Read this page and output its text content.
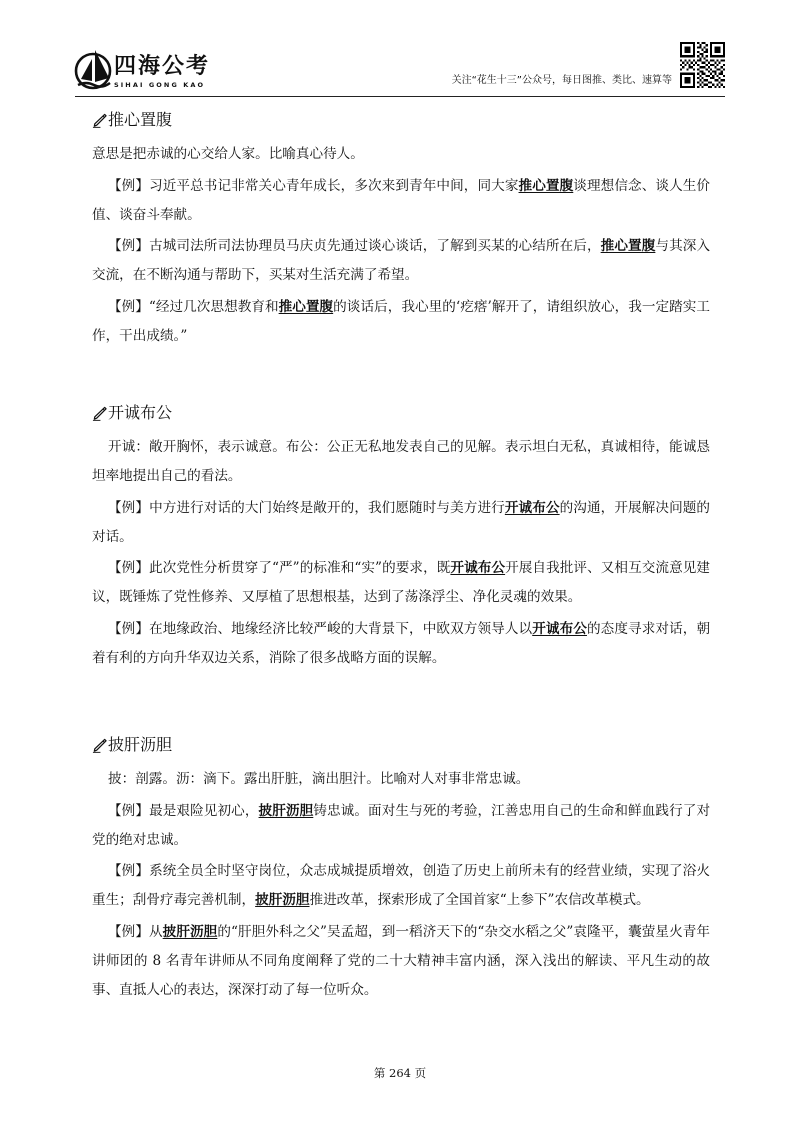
四海公考
SIHAI GONG KAO	关注“花生十三”公众号，每日图推、类比、速算等
推心置腹

意思是把赤诚的心交给人家。比喻真心待人。

【例】习近平总书记非常关心青年成长，多次来到青年中间，同大家推心置腹谈理想信念、谈人生价值、谈奋斗奉献。

【例】古城司法所司法协理员马庆贞先通过谈心谈话，了解到买某的心结所在后，推心置腹与其深入交流，在不断沟通与帮助下，买某对生活充满了希望。

【例】“经过几次思想教育和推心置腹的谈话后，我心里的‘疙瘩’解开了，请组织放心，我一定踏实工作，干出成绩。”

开诚布公

开诚：敞开胸怀，表示诚意。布公：公正无私地发表自己的见解。表示坦白无私，真诚相待，能诚恳坦率地提出自己的看法。

【例】中方进行对话的大门始终是敞开的，我们愿随时与美方进行开诚布公的沟通，开展解决问题的对话。

【例】此次党性分析贯穿了“严”的标准和“实”的要求，既开诚布公开展自我批评、又相互交流意见建议，既锤炼了党性修养、又厚植了思想根基，达到了荡涤浮尘、净化灵魂的效果。

【例】在地缘政治、地缘经济比较严峻的大背景下，中欧双方领导人以开诚布公的态度寻求对话，朝着有利的方向升华双边关系，消除了很多战略方面的误解。

披肝沥胆

披：剖露。沥：滴下。露出肝脏，滴出胆汁。比喻对人对事非常忠诚。

【例】最是艰险见初心，披肝沥胆铸忠诚。面对生与死的考验，江善忠用自己的生命和鲜血践行了对党的绝对忠诚。

【例】系统全员全时坚守岗位，众志成城提质增效，创造了历史上前所未有的经营业绩，实现了浴火重生；刮骨疗毒完善机制，披肝沥胆推进改革，探索形成了全国首家“上参下”农信改革模式。

【例】从披肝沥胆的“肝胆外科之父”吴孟超，到一稻济天下的“杂交水稻之父”袁隆平，囊萤星火青年讲师团的 8 名青年讲师从不同角度阐释了党的二十大精神丰富内涵，深入浅出的解读、平凡生动的故事、直抵人心的表达，深深打动了每一位听众。

第 264 页
